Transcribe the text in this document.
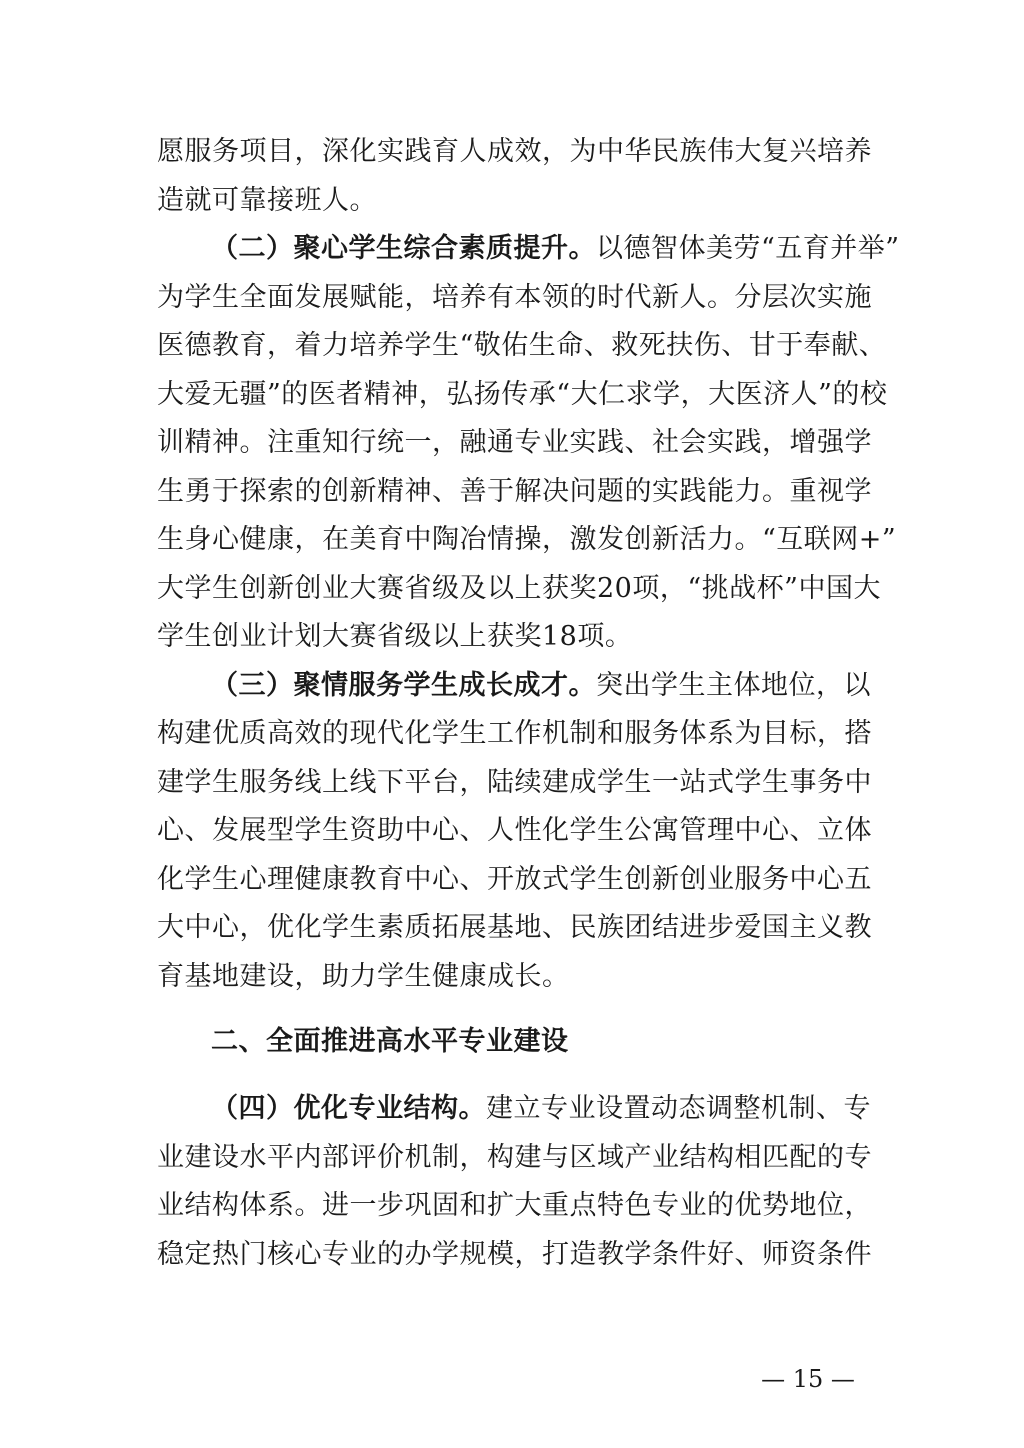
愿服务项目，深化实践育人成效，为中华民族伟大复兴培养
造就可靠接班人。
（二）聚心学生综合素质提升。以德智体美劳“五育并举”
为学生全面发展赋能，培养有本领的时代新人。分层次实施
医德教育，着力培养学生“敬佑生命、救死扶伤、甘于奉献、
大爱无疆”的医者精神，弘扬传承“大仁求学，大医济人”的校
训精神。注重知行统一，融通专业实践、社会实践，增强学
生勇于探索的创新精神、善于解决问题的实践能力。重视学
生身心健康，在美育中陶冶情操，激发创新活力。“互联网+”
大学生创新创业大赛省级及以上获奖20项，“挑战杯”中国大
学生创业计划大赛省级以上获奖18项。
（三）聚情服务学生成长成才。突出学生主体地位，以
构建优质高效的现代化学生工作机制和服务体系为目标，搭
建学生服务线上线下平台，陆续建成学生一站式学生事务中
心、发展型学生资助中心、人性化学生公寓管理中心、立体
化学生心理健康教育中心、开放式学生创新创业服务中心五
大中心，优化学生素质拓展基地、民族团结进步爱国主义教
育基地建设，助力学生健康成长。
二、全面推进高水平专业建设
（四）优化专业结构。建立专业设置动态调整机制、专
业建设水平内部评价机制，构建与区域产业结构相匹配的专
业结构体系。进一步巩固和扩大重点特色专业的优势地位，
稳定热门核心专业的办学规模，打造教学条件好、师资条件
— 15 —
